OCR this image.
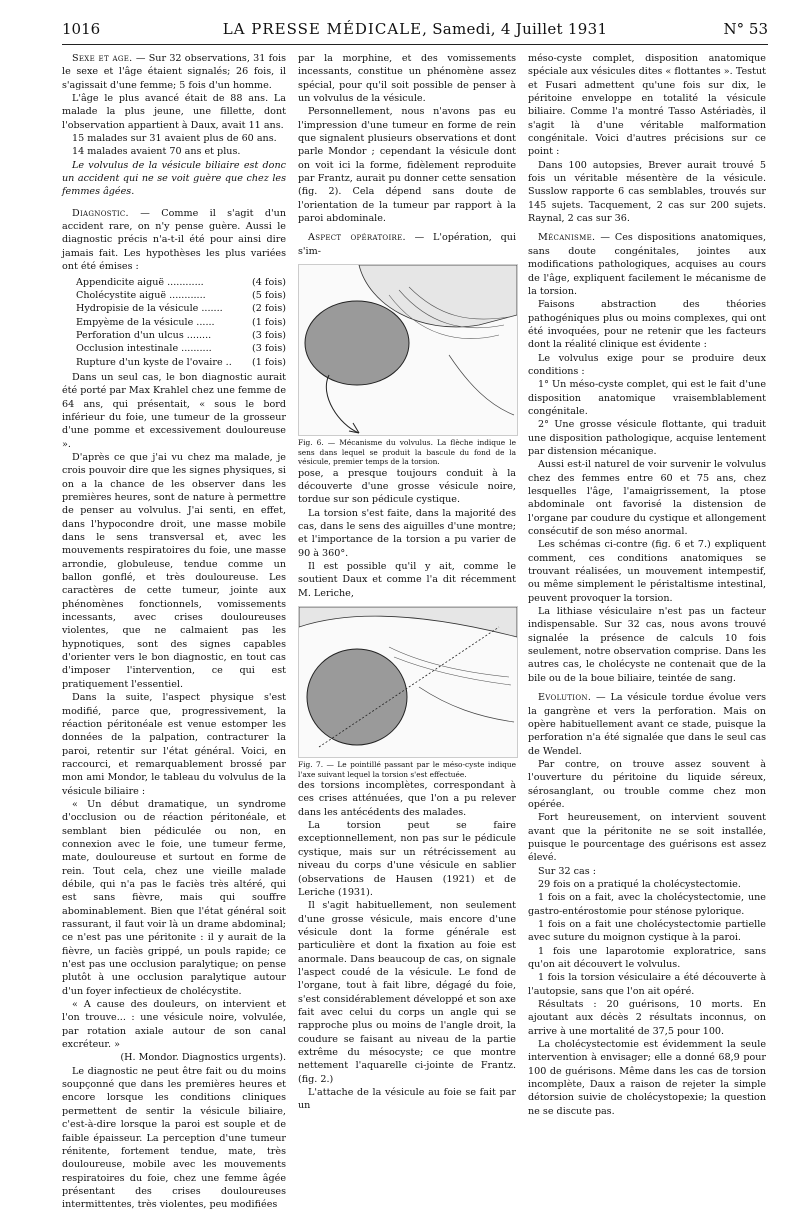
1016	LA PRESSE MÉDICALE, Samedi, 4 Juillet 1931	N° 53

Sexe et age. — Sur 32 observations, 31 fois le sexe et l'âge étaient signalés; 26 fois, il s'agissait d'une femme; 5 fois d'un homme.

L'âge le plus avancé était de 88 ans. La malade la plus jeune, une fillette, dont l'observation appartient à Daux, avait 11 ans.

15 malades sur 31 avaient plus de 60 ans.

14 malades avaient 70 ans et plus.

Le volvulus de la vésicule biliaire est donc un accident qui ne se voit guère que chez les femmes âgées.

Diagnostic. — Comme il s'agit d'un accident rare, on n'y pense guère. Aussi le diagnostic précis n'a-t-il été pour ainsi dire jamais fait. Les hypothèses les plus variées ont été émises :

Appendicite aiguë ............	(4 fois)
Cholécystite aiguë ............	(5 fois)
Hydropisie de la vésicule .......	(2 fois)
Empyème de la vésicule ......	(1 fois)
Perforation d'un ulcus ........	(3 fois)
Occlusion intestinale ..........	(3 fois)
Rupture d'un kyste de l'ovaire .. (1 fois)

Dans un seul cas, le bon diagnostic aurait été porté par Max Krahlel chez une femme de 64 ans, qui présentait, « sous le bord inférieur du foie, une tumeur de la grosseur d'une pomme et excessivement douloureuse ».

D'après ce que j'ai vu chez ma malade, je crois pouvoir dire que les signes physiques, si on a la chance de les observer dans les premières heures, sont de nature à permettre de penser au volvulus. J'ai senti, en effet, dans l'hypocondre droit, une masse mobile dans le sens transversal et, avec les mouvements respiratoires du foie, une masse arrondie, globuleuse, tendue comme un ballon gonflé, et très douloureuse. Les caractères de cette tumeur, jointe aux phénomènes fonctionnels, vomissements incessants, avec crises douloureuses violentes, que ne calmaient pas les hypnotiques, sont des signes capables d'orienter vers le bon diagnostic, en tout cas d'imposer l'intervention, ce qui est pratiquement l'essentiel.

Dans la suite, l'aspect physique s'est modifié, parce que, progressivement, la réaction péritonéale est venue estomper les données de la palpation, contracturer la paroi, retentir sur l'état général. Voici, en raccourci, et remarquablement brossé par mon ami Mondor, le tableau du volvulus de la vésicule biliaire :

« Un début dramatique, un syndrome d'occlusion ou de réaction péritonéale, et semblant bien pédiculée ou non, en connexion avec le foie, une tumeur ferme, mate, douloureuse et surtout en forme de rein. Tout cela, chez une vieille malade débile, qui n'a pas le faciès très altéré, qui est sans fièvre, mais qui souffre abominablement. Bien que l'état général soit rassurant, il faut voir là un drame abdominal; ce n'est pas une péritonite : il y aurait de la fièvre, un faciès grippé, un pouls rapide; ce n'est pas une occlusion paralytique; on pense plutôt à une occlusion paralytique autour d'un foyer infectieux de cholécystite.

« A cause des douleurs, on intervient et l'on trouve... : une vésicule noire, volvulée, par rotation axiale autour de son canal excréteur. »

(H. Mondor. Diagnostics urgents).

Le diagnostic ne peut être fait ou du moins soupçonné que dans les premières heures et encore lorsque les conditions cliniques permettent de sentir la vésicule biliaire, c'est-à-dire lorsque la paroi est souple et de faible épaisseur. La perception d'une tumeur rénitente, fortement tendue, mate, très douloureuse, mobile avec les mouvements respiratoires du foie, chez une femme âgée présentant des crises douloureuses intermittentes, très violentes, peu modifiées

par la morphine, et des vomissements incessants, constitue un phénomène assez spécial, pour qu'il soit possible de penser à un volvulus de la vésicule.

Personnellement, nous n'avons pas eu l'impression d'une tumeur en forme de rein que signalent plusieurs observations et dont parle Mondor ; cependant la vésicule dont on voit ici la forme, fidèlement reproduite par Frantz, aurait pu donner cette sensation (fig. 2). Cela dépend sans doute de l'orientation de la tumeur par rapport à la paroi abdominale.

Aspect opératoire. — L'opération, qui s'im-

Fig. 6. — Mécanisme du volvulus. La flèche indique le sens dans lequel se produit la bascule du fond de la vésicule, premier temps de la torsion.

pose, a presque toujours conduit à la découverte d'une grosse vésicule noire, tordue sur son pédicule cystique.

La torsion s'est faite, dans la majorité des cas, dans le sens des aiguilles d'une montre; et l'importance de la torsion a pu varier de 90 à 360°.

Il est possible qu'il y ait, comme le soutient Daux et comme l'a dit récemment M. Leriche,

Fig. 7. — Le pointillé passant par le méso-cyste indique l'axe suivant lequel la torsion s'est effectuée.

des torsions incomplètes, correspondant à ces crises atténuées, que l'on a pu relever dans les antécédents des malades.

La torsion peut se faire exceptionnellement, non pas sur le pédicule cystique, mais sur un rétrécissement au niveau du corps d'une vésicule en sablier (observations de Hausen (1921) et de Leriche (1931).

Il s'agit habituellement, non seulement d'une grosse vésicule, mais encore d'une vésicule dont la forme générale est particulière et dont la fixation au foie est anormale. Dans beaucoup de cas, on signale l'aspect coudé de la vésicule. Le fond de l'organe, tout à fait libre, dégagé du foie, s'est considérablement développé et son axe fait avec celui du corps un angle qui se rapproche plus ou moins de l'angle droit, la coudure se faisant au niveau de la partie extrême du mésocyste; ce que montre nettement l'aquarelle ci-jointe de Frantz. (fig. 2.)

L'attache de la vésicule au foie se fait par un

méso-cyste complet, disposition anatomique spéciale aux vésicules dites « flottantes ». Testut et Fusari admettent qu'une fois sur dix, le péritoine enveloppe en totalité la vésicule biliaire. Comme l'a montré Tasso Astériadès, il s'agit là d'une véritable malformation congénitale. Voici d'autres précisions sur ce point :

Dans 100 autopsies, Brever aurait trouvé 5 fois un véritable mésentère de la vésicule. Susslow rapporte 6 cas semblables, trouvés sur 145 sujets. Tacquement, 2 cas sur 200 sujets. Raynal, 2 cas sur 36.

Mécanisme. — Ces dispositions anatomiques, sans doute congénitales, jointes aux modifications pathologiques, acquises au cours de l'âge, expliquent facilement le mécanisme de la torsion.

Faisons abstraction des théories pathogéniques plus ou moins complexes, qui ont été invoquées, pour ne retenir que les facteurs dont la réalité clinique est évidente :

Le volvulus exige pour se produire deux conditions :

1° Un méso-cyste complet, qui est le fait d'une disposition anatomique vraisemblablement congénitale.

2° Une grosse vésicule flottante, qui traduit une disposition pathologique, acquise lentement par distension mécanique.

Aussi est-il naturel de voir survenir le volvulus chez des femmes entre 60 et 75 ans, chez lesquelles l'âge, l'amaigrissement, la ptose abdominale ont favorisé la distension de l'organe par coudure du cystique et allongement consécutif de son méso anormal.

Les schémas ci-contre (fig. 6 et 7.) expliquent comment, ces conditions anatomiques se trouvant réalisées, un mouvement intempestif, ou même simplement le péristaltisme intestinal, peuvent provoquer la torsion.

La lithiase vésiculaire n'est pas un facteur indispensable. Sur 32 cas, nous avons trouvé signalée la présence de calculs 10 fois seulement, notre observation comprise. Dans les autres cas, le cholécyste ne contenait que de la bile ou de la boue biliaire, teintée de sang.

Evolution. — La vésicule tordue évolue vers la gangrène et vers la perforation. Mais on opère habituellement avant ce stade, puisque la perforation n'a été signalée que dans le seul cas de Wendel.

Par contre, on trouve assez souvent à l'ouverture du péritoine du liquide séreux, sérosanglant, ou trouble comme chez mon opérée.

Fort heureusement, on intervient souvent avant que la péritonite ne se soit installée, puisque le pourcentage des guérisons est assez élevé.

Sur 32 cas :

29 fois on a pratiqué la cholécystectomie.

1 fois on a fait, avec la cholécystectomie, une gastro-entérostomie pour sténose pylorique.

1 fois on a fait une cholécystectomie partielle avec suture du moignon cystique à la paroi.

1 fois une laparotomie exploratrice, sans qu'on ait découvert le volvulus.

1 fois la torsion vésiculaire a été découverte à l'autopsie, sans que l'on ait opéré.

Résultats : 20 guérisons, 10 morts. En ajoutant aux décès 2 résultats inconnus, on arrive à une mortalité de 37,5 pour 100.

La cholécystectomie est évidemment la seule intervention à envisager; elle a donné 68,9 pour 100 de guérisons. Même dans les cas de torsion incomplète, Daux a raison de rejeter la simple détorsion suivie de cholécystopexie; la question ne se discute pas.
